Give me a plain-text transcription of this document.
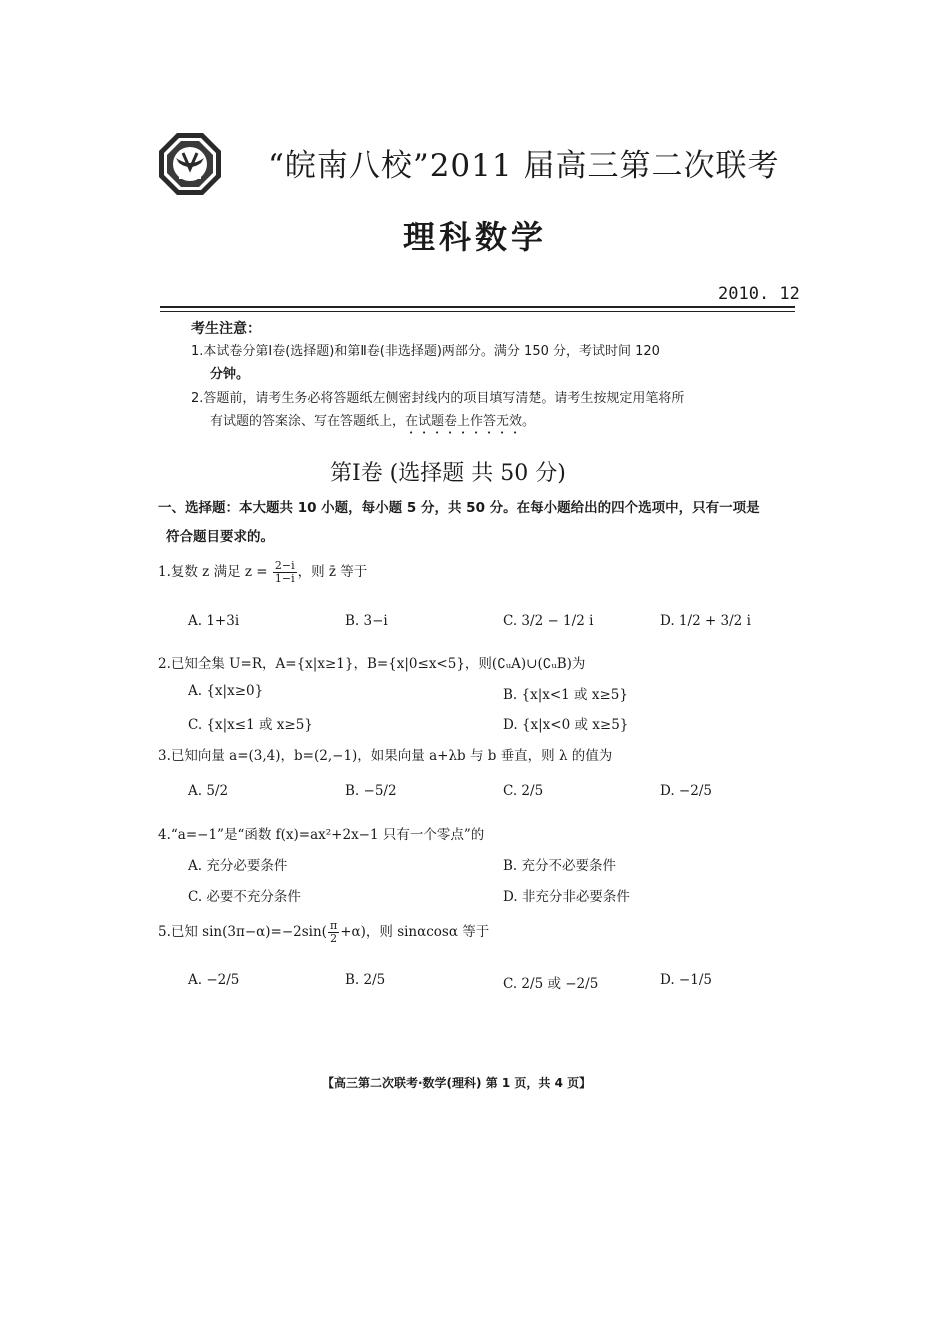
“皖南八校”2011 届高三第二次联考
理科数学
2010. 12
考生注意：
1.本试卷分第Ⅰ卷(选择题)和第Ⅱ卷(非选择题)两部分。满分 150 分，考试时间 120
分钟。
2.答题前，请考生务必将答题纸左侧密封线内的项目填写清楚。请考生按规定用笔将所
有试题的答案涂、写在答题纸上，在试题卷上作答无效。
第Ⅰ卷 (选择题 共 50 分)
一、选择题：本大题共 10 小题，每小题 5 分，共 50 分。在每小题给出的四个选项中，只有一项是
符合题目要求的。
1.复数 z 满足 $z = \frac{2-i}{1-i}$ ，则 z̄ 等于
A. 1+3i	B. 3−i	C. 3/2 − 1/2 i	D. 1/2 + 3/2 i
2.已知全集 U=R，A={x|x≥1}，B={x|0≤x<5}，则(∁ᵤA)∪(∁ᵤB)为
A. {x|x≥0}	B. {x|x<1 或 x≥5}
C. {x|x≤1 或 x≥5}	D. {x|x<0 或 x≥5}
3.已知向量 a=(3,4)，b=(2,−1)，如果向量 a+λb 与 b 垂直，则 λ 的值为
A. 5/2	B. −5/2	C. 2/5	D. −2/5
4.“a=−1”是“函数 f(x)=ax²+2x−1 只有一个零点”的
A. 充分必要条件	B. 充分不必要条件
C. 必要不充分条件	D. 非充分非必要条件
5.已知 $\sin(3\pi-\alpha)=-2\sin( \frac{\pi}{2} +\alpha)$，则 sinαcosα 等于
A. −2/5	B. 2/5	C. 2/5 或 −2/5	D. −1/5
【高三第二次联考·数学(理科) 第 1 页，共 4 页】
